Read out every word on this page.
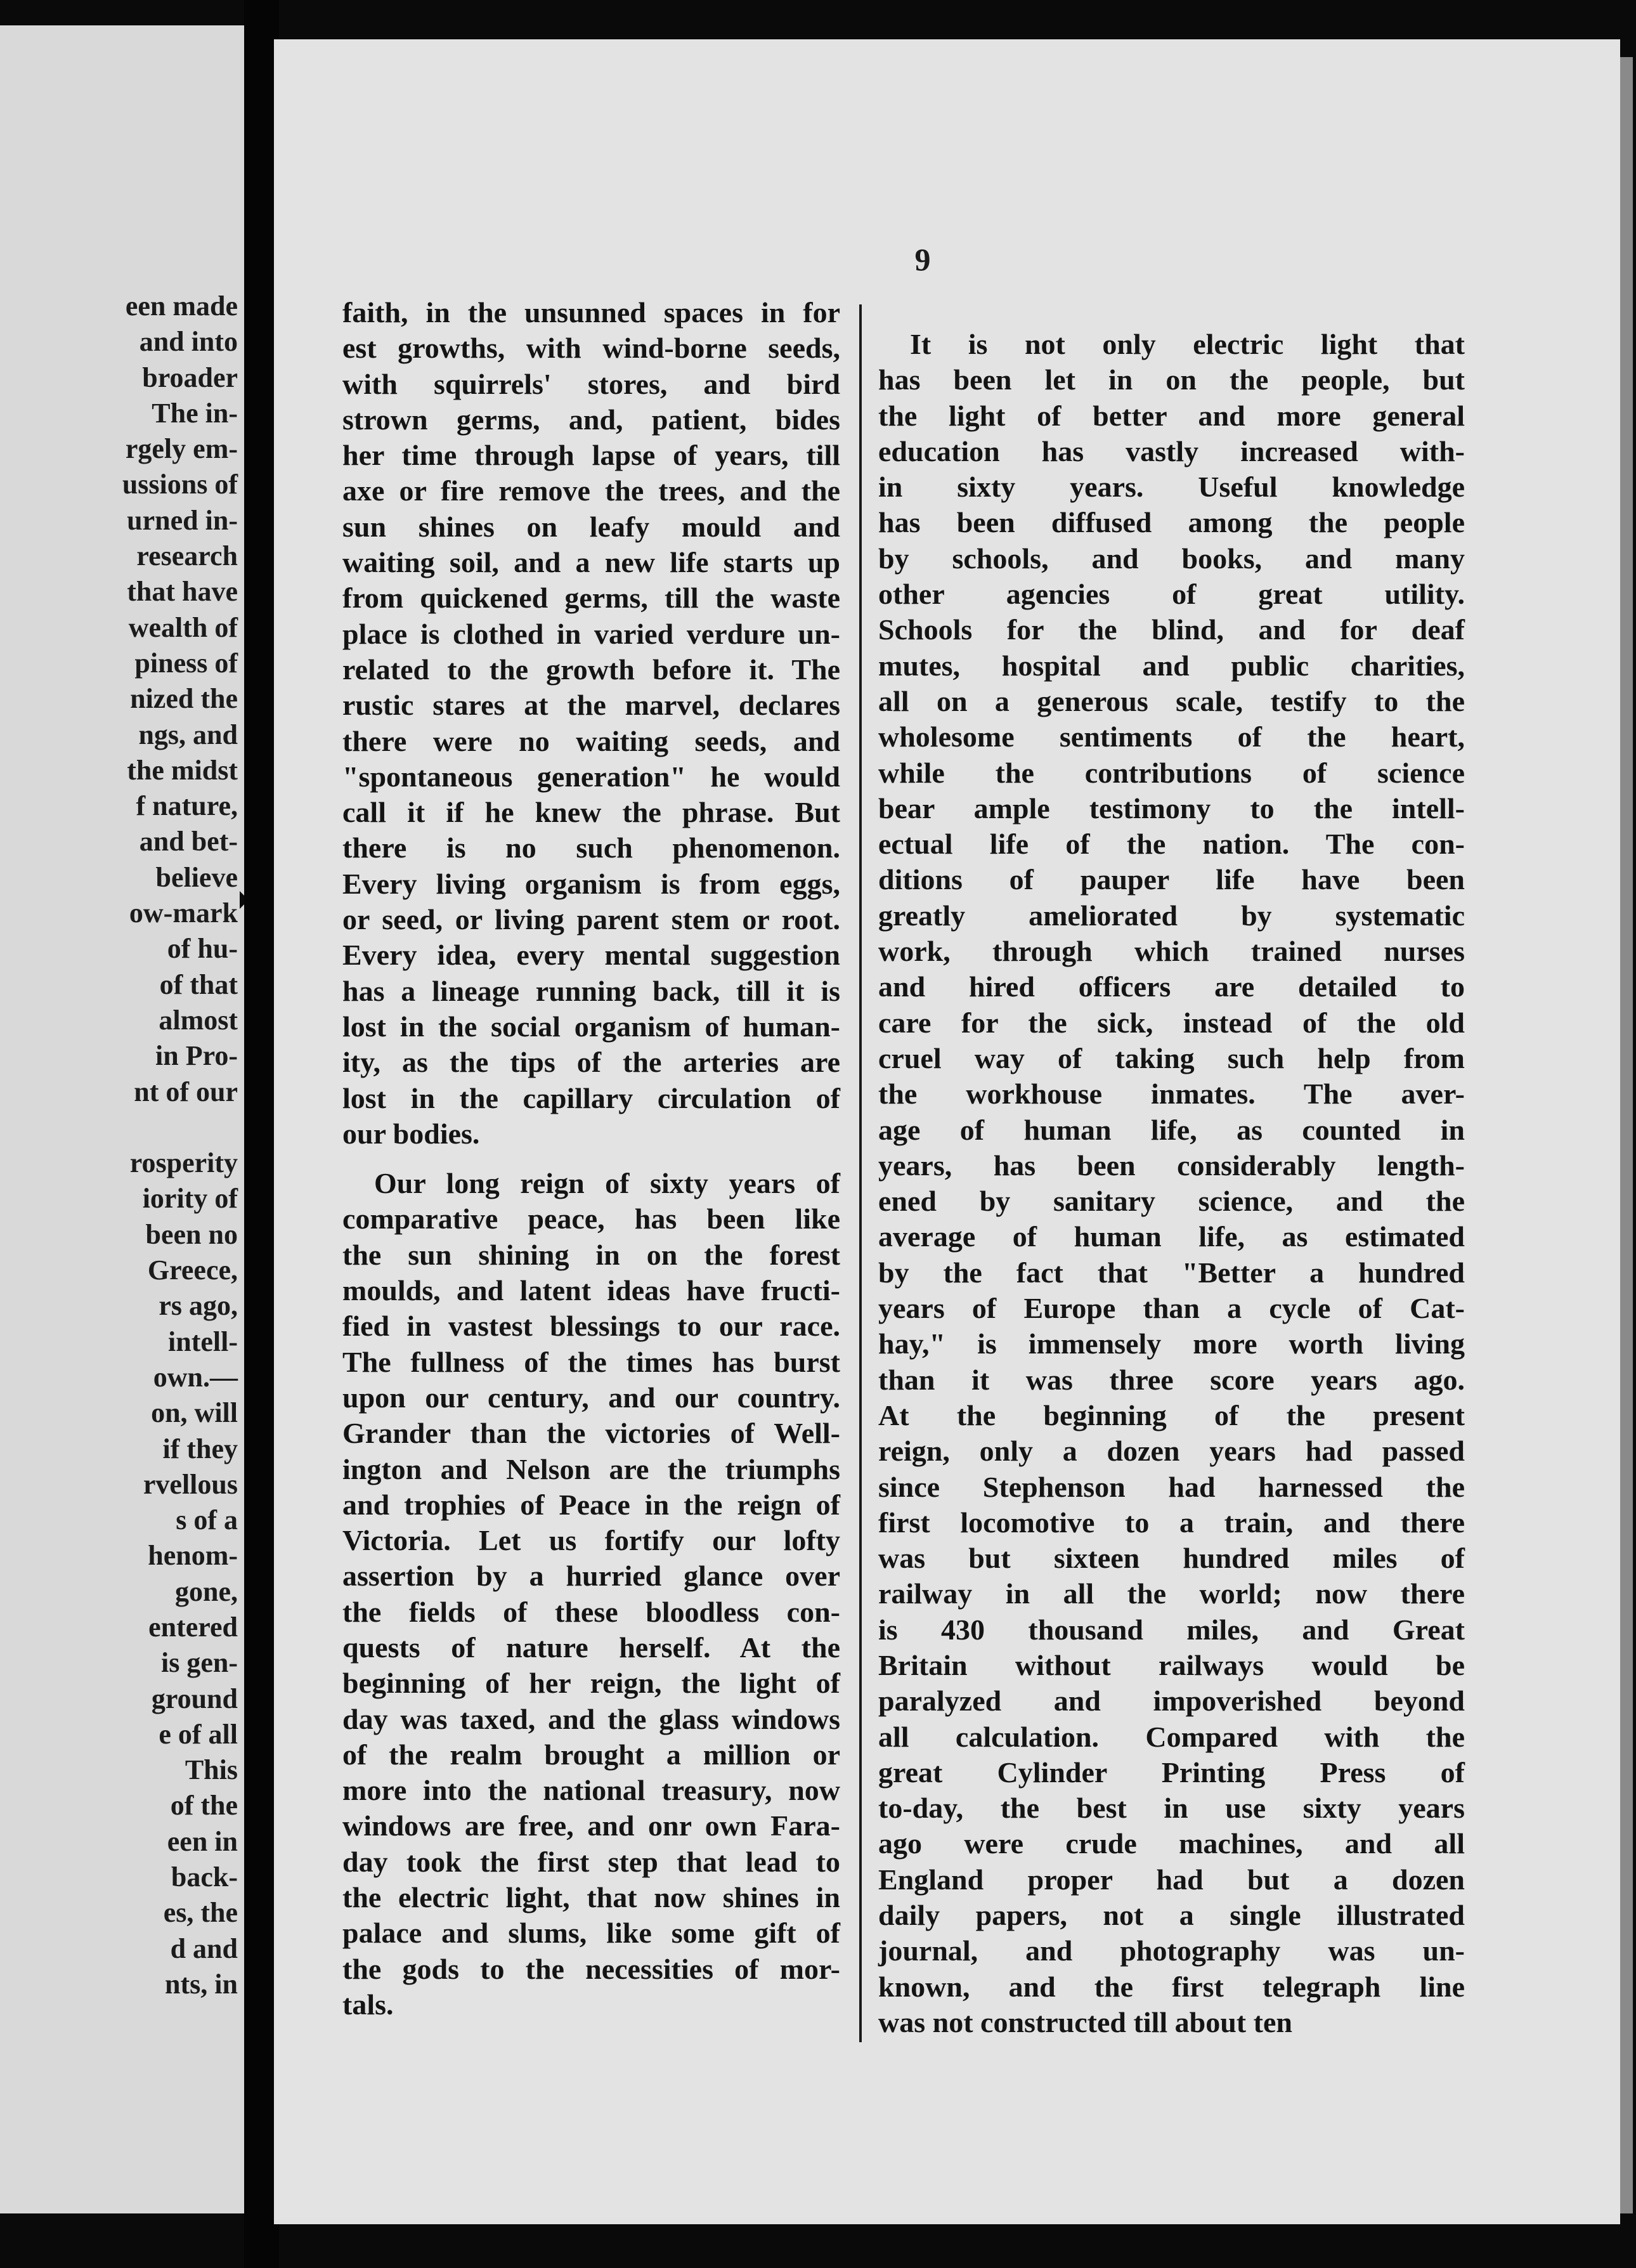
een made
and into
broader
The in-
rgely em-
ussions of
urned in-
research
that have
wealth of
piness of
nized the
ngs, and
the midst
f nature,
and bet-
believe
ow-mark
of hu-
of that
almost
in Pro-
nt of our
rosperity
iority of
been no
Greece,
rs ago,
intell-
own.—
on, will
if they
rvellous
s of a
henom-
gone,
entered
is gen-
ground
e of all
This
of the
een in
back-
es, the
d and
nts, in
9
faith, in the unsunned spaces in for
est growths, with wind-borne seeds,
with squirrels' stores, and bird
strown germs, and, patient, bides
her time through lapse of years, till
axe or fire remove the trees, and the
sun shines on leafy mould and
waiting soil, and a new life starts up
from quickened germs, till the waste
place is clothed in varied verdure un-
related to the growth before it. The
rustic stares at the marvel, declares
there were no waiting seeds, and
"spontaneous generation" he would
call it if he knew the phrase. But
there is no such phenomenon.
Every living organism is from eggs,
or seed, or living parent stem or root.
Every idea, every mental suggestion
has a lineage running back, till it is
lost in the social organism of human-
ity, as the tips of the arteries are
lost in the capillary circulation of
our bodies.
Our long reign of sixty years of
comparative peace, has been like
the sun shining in on the forest
moulds, and latent ideas have fructi-
fied in vastest blessings to our race.
The fullness of the times has burst
upon our century, and our country.
Grander than the victories of Well-
ington and Nelson are the triumphs
and trophies of Peace in the reign of
Victoria. Let us fortify our lofty
assertion by a hurried glance over
the fields of these bloodless con-
quests of nature herself. At the
beginning of her reign, the light of
day was taxed, and the glass windows
of the realm brought a million or
more into the national treasury, now
windows are free, and onr own Fara-
day took the first step that lead to
the electric light, that now shines in
palace and slums, like some gift of
the gods to the necessities of mor-
tals.
It is not only electric light that
has been let in on the people, but
the light of better and more general
education has vastly increased with-
in sixty years. Useful knowledge
has been diffused among the people
by schools, and books, and many
other agencies of great utility.
Schools for the blind, and for deaf
mutes, hospital and public charities,
all on a generous scale, testify to the
wholesome sentiments of the heart,
while the contributions of science
bear ample testimony to the intell-
ectual life of the nation. The con-
ditions of pauper life have been
greatly ameliorated by systematic
work, through which trained nurses
and hired officers are detailed to
care for the sick, instead of the old
cruel way of taking such help from
the workhouse inmates. The aver-
age of human life, as counted in
years, has been considerably length-
ened by sanitary science, and the
average of human life, as estimated
by the fact that "Better a hundred
years of Europe than a cycle of Cat-
hay," is immensely more worth living
than it was three score years ago.
At the beginning of the present
reign, only a dozen years had passed
since Stephenson had harnessed the
first locomotive to a train, and there
was but sixteen hundred miles of
railway in all the world; now there
is 430 thousand miles, and Great
Britain without railways would be
paralyzed and impoverished beyond
all calculation. Compared with the
great Cylinder Printing Press of
to-day, the best in use sixty years
ago were crude machines, and all
England proper had but a dozen
daily papers, not a single illustrated
journal, and photography was un-
known, and the first telegraph line
was not constructed till about ten
